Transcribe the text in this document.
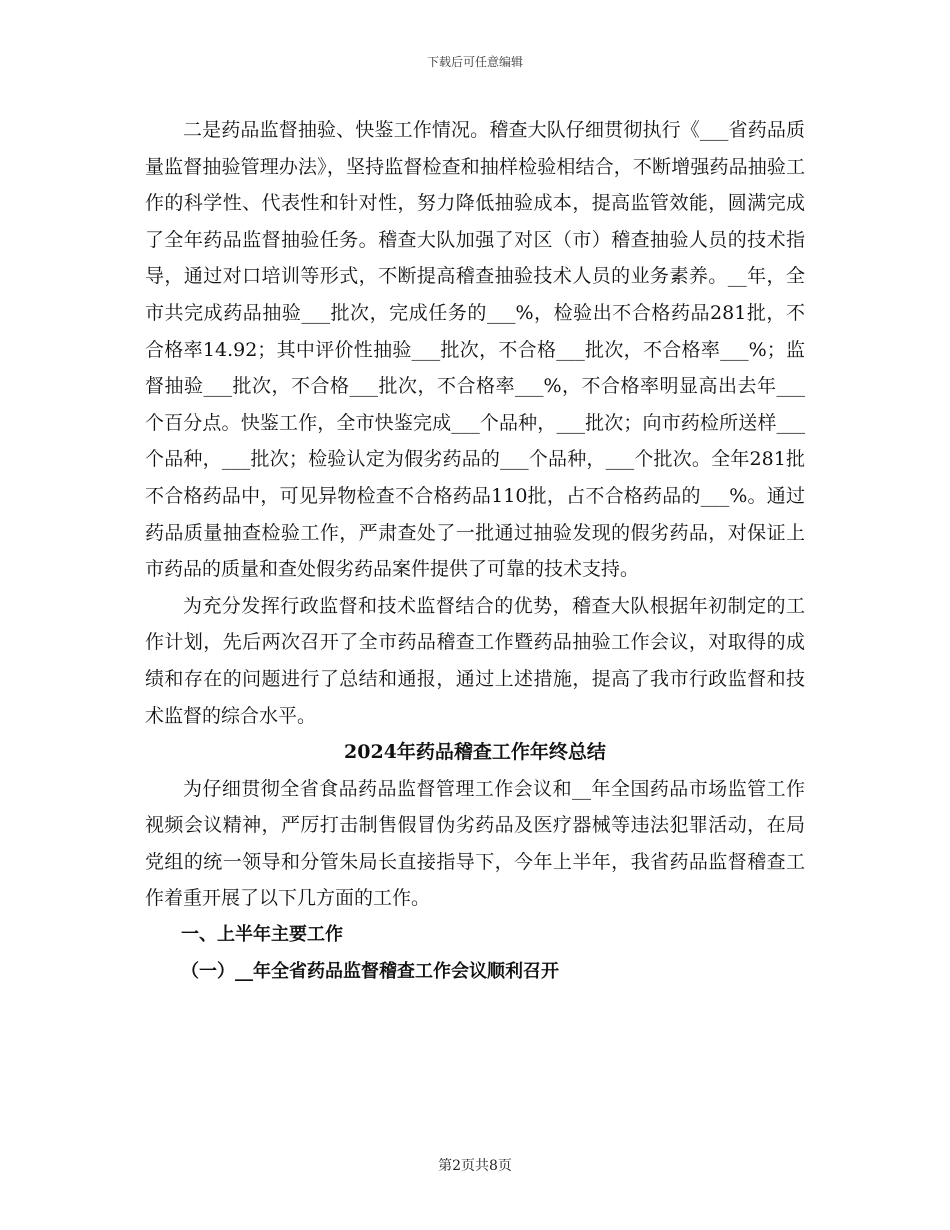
下载后可任意编辑

二是药品监督抽验、快鉴工作情况。稽查大队仔细贯彻执行《___省药品质量监督抽验管理办法》，坚持监督检查和抽样检验相结合，不断增强药品抽验工作的科学性、代表性和针对性，努力降低抽验成本，提高监管效能，圆满完成了全年药品监督抽验任务。稽查大队加强了对区（市）稽查抽验人员的技术指导，通过对口培训等形式，不断提高稽查抽验技术人员的业务素养。__年，全市共完成药品抽验___批次，完成任务的___%，检验出不合格药品281批，不合格率14.92；其中评价性抽验___批次，不合格___批次，不合格率___%；监督抽验___批次，不合格___批次，不合格率___%，不合格率明显高出去年___个百分点。快鉴工作，全市快鉴完成___个品种，___批次；向市药检所送样___个品种，___批次；检验认定为假劣药品的___个品种，___个批次。全年281批不合格药品中，可见异物检查不合格药品110批，占不合格药品的___%。通过药品质量抽查检验工作，严肃查处了一批通过抽验发现的假劣药品，对保证上市药品的质量和查处假劣药品案件提供了可靠的技术支持。

为充分发挥行政监督和技术监督结合的优势，稽查大队根据年初制定的工作计划，先后两次召开了全市药品稽查工作暨药品抽验工作会议，对取得的成绩和存在的问题进行了总结和通报，通过上述措施，提高了我市行政监督和技术监督的综合水平。

2024年药品稽查工作年终总结

为仔细贯彻全省食品药品监督管理工作会议和__年全国药品市场监管工作视频会议精神，严厉打击制售假冒伪劣药品及医疗器械等违法犯罪活动，在局党组的统一领导和分管朱局长直接指导下，今年上半年，我省药品监督稽查工作着重开展了以下几方面的工作。

一、上半年主要工作

（一）__年全省药品监督稽查工作会议顺利召开

第2页共8页
